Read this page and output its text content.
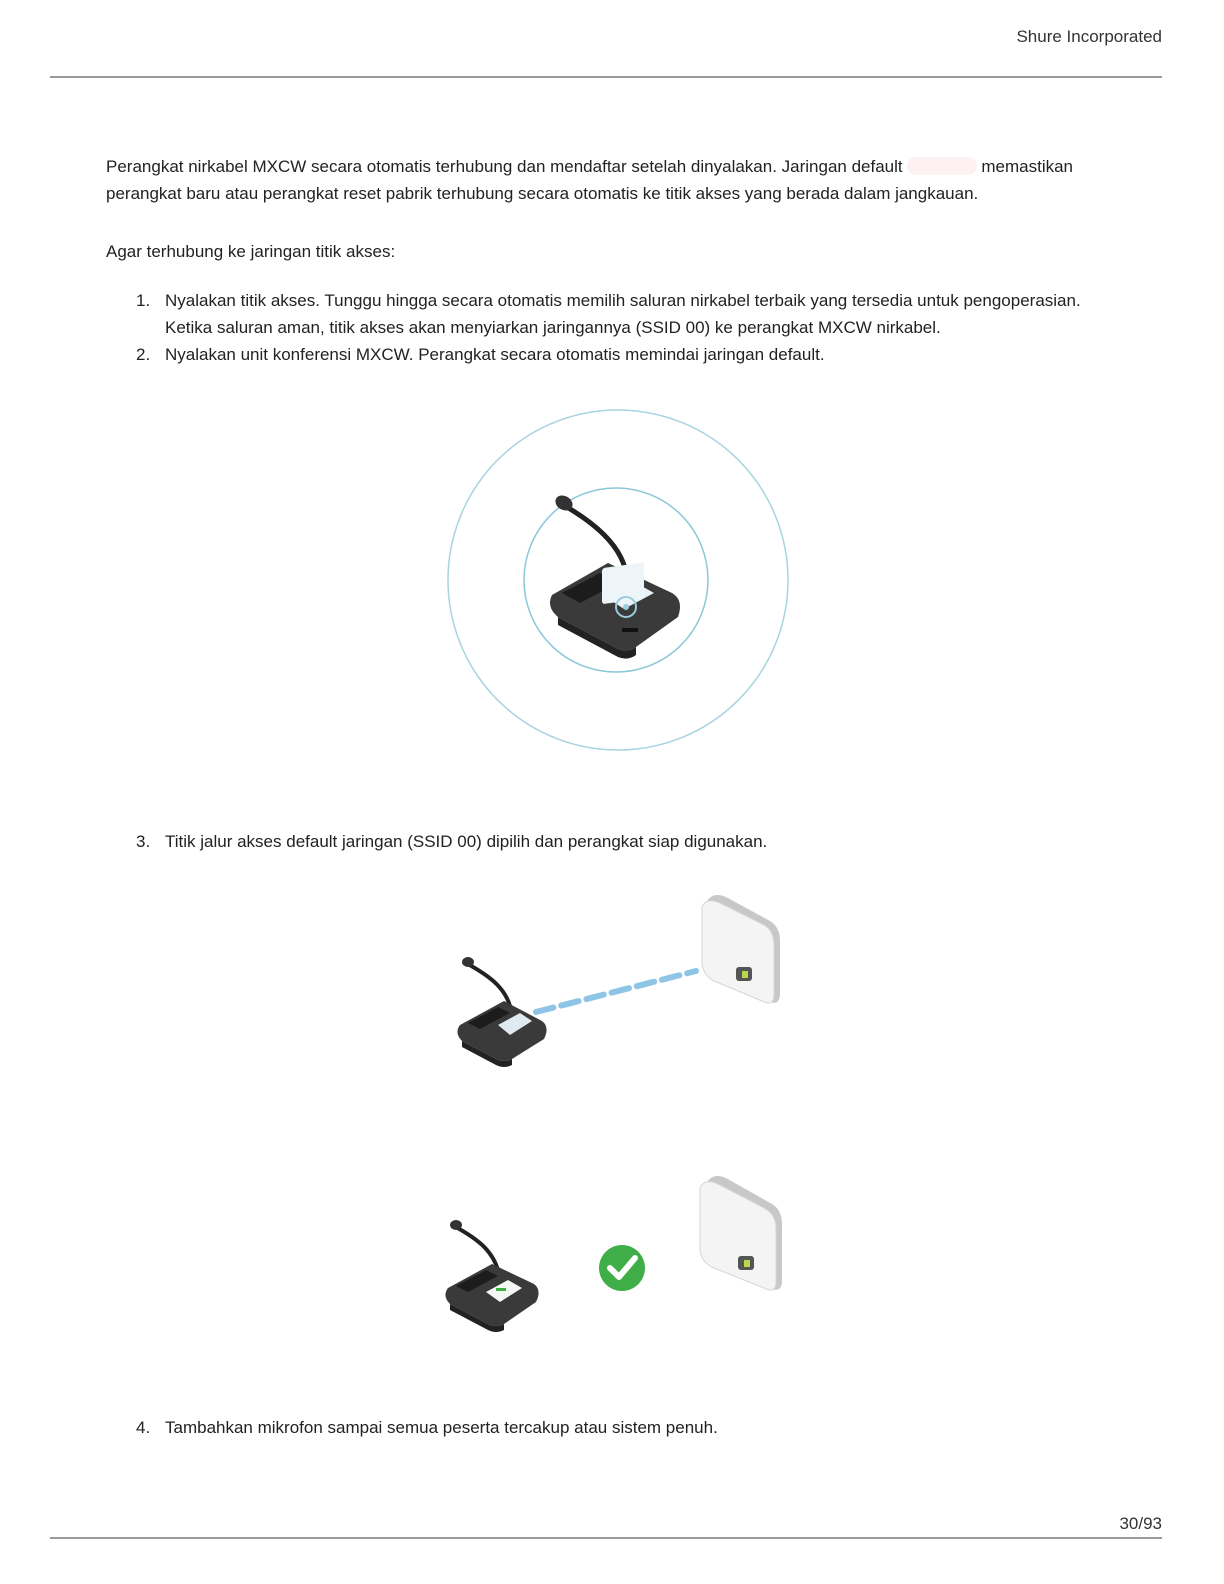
Shure Incorporated

Perangkat nirkabel MXCW secara otomatis terhubung dan mendaftar setelah dinyalakan. Jaringan default	memastikan perangkat baru atau perangkat reset pabrik terhubung secara otomatis ke titik akses yang berada dalam jangkauan.

Agar terhubung ke jaringan titik akses:
1. Nyalakan titik akses. Tunggu hingga secara otomatis memilih saluran nirkabel terbaik yang tersedia untuk pengoperasian. Ketika saluran aman, titik akses akan menyiarkan jaringannya (SSID 00) ke perangkat MXCW nirkabel.
2. Nyalakan unit konferensi MXCW. Perangkat secara otomatis memindai jaringan default.
3. Titik jalur akses default jaringan (SSID 00) dipilih dan perangkat siap digunakan.
4. Tambahkan mikrofon sampai semua peserta tercakup atau sistem penuh.
30/93
